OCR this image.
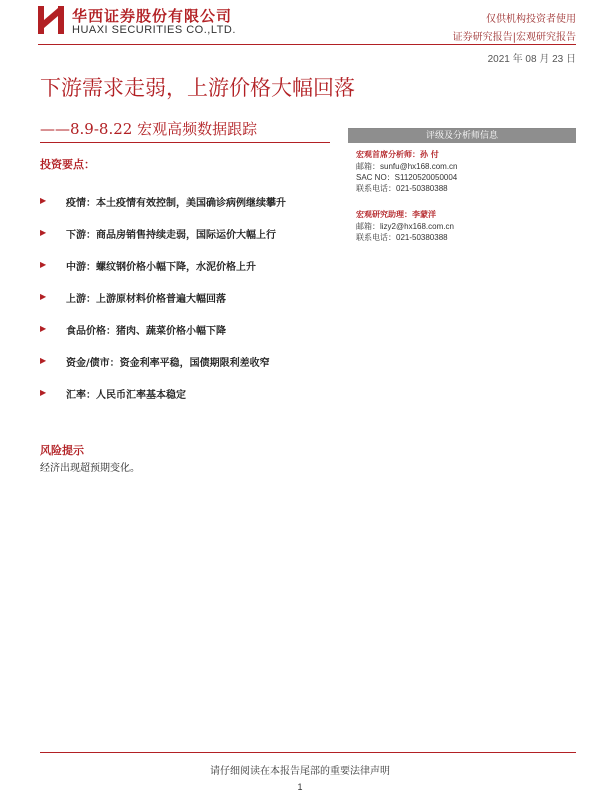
华西证券股份有限公司
HUAXI SECURITIES CO.,LTD.
仅供机构投资者使用
证券研究报告|宏观研究报告
2021 年 08 月 23 日
下游需求走弱，上游价格大幅回落
——8.9-8.22 宏观高频数据跟踪
投资要点：
▶ 疫情：本土疫情有效控制，美国确诊病例继续攀升
▶ 下游：商品房销售持续走弱，国际运价大幅上行
▶ 中游：螺纹钢价格小幅下降，水泥价格上升
▶ 上游：上游原材料价格普遍大幅回落
▶ 食品价格：猪肉、蔬菜价格小幅下降
▶ 资金/债市：资金利率平稳，国债期限利差收窄
▶ 汇率：人民币汇率基本稳定
风险提示
经济出现超预期变化。
评级及分析师信息
宏观首席分析师：孙 付
邮箱：sunfu@hx168.com.cn
SAC NO：S1120520050004
联系电话：021-50380388
宏观研究助理：李蒙洋
邮箱：lizy2@hx168.com.cn
联系电话：021-50380388
请仔细阅读在本报告尾部的重要法律声明
1
